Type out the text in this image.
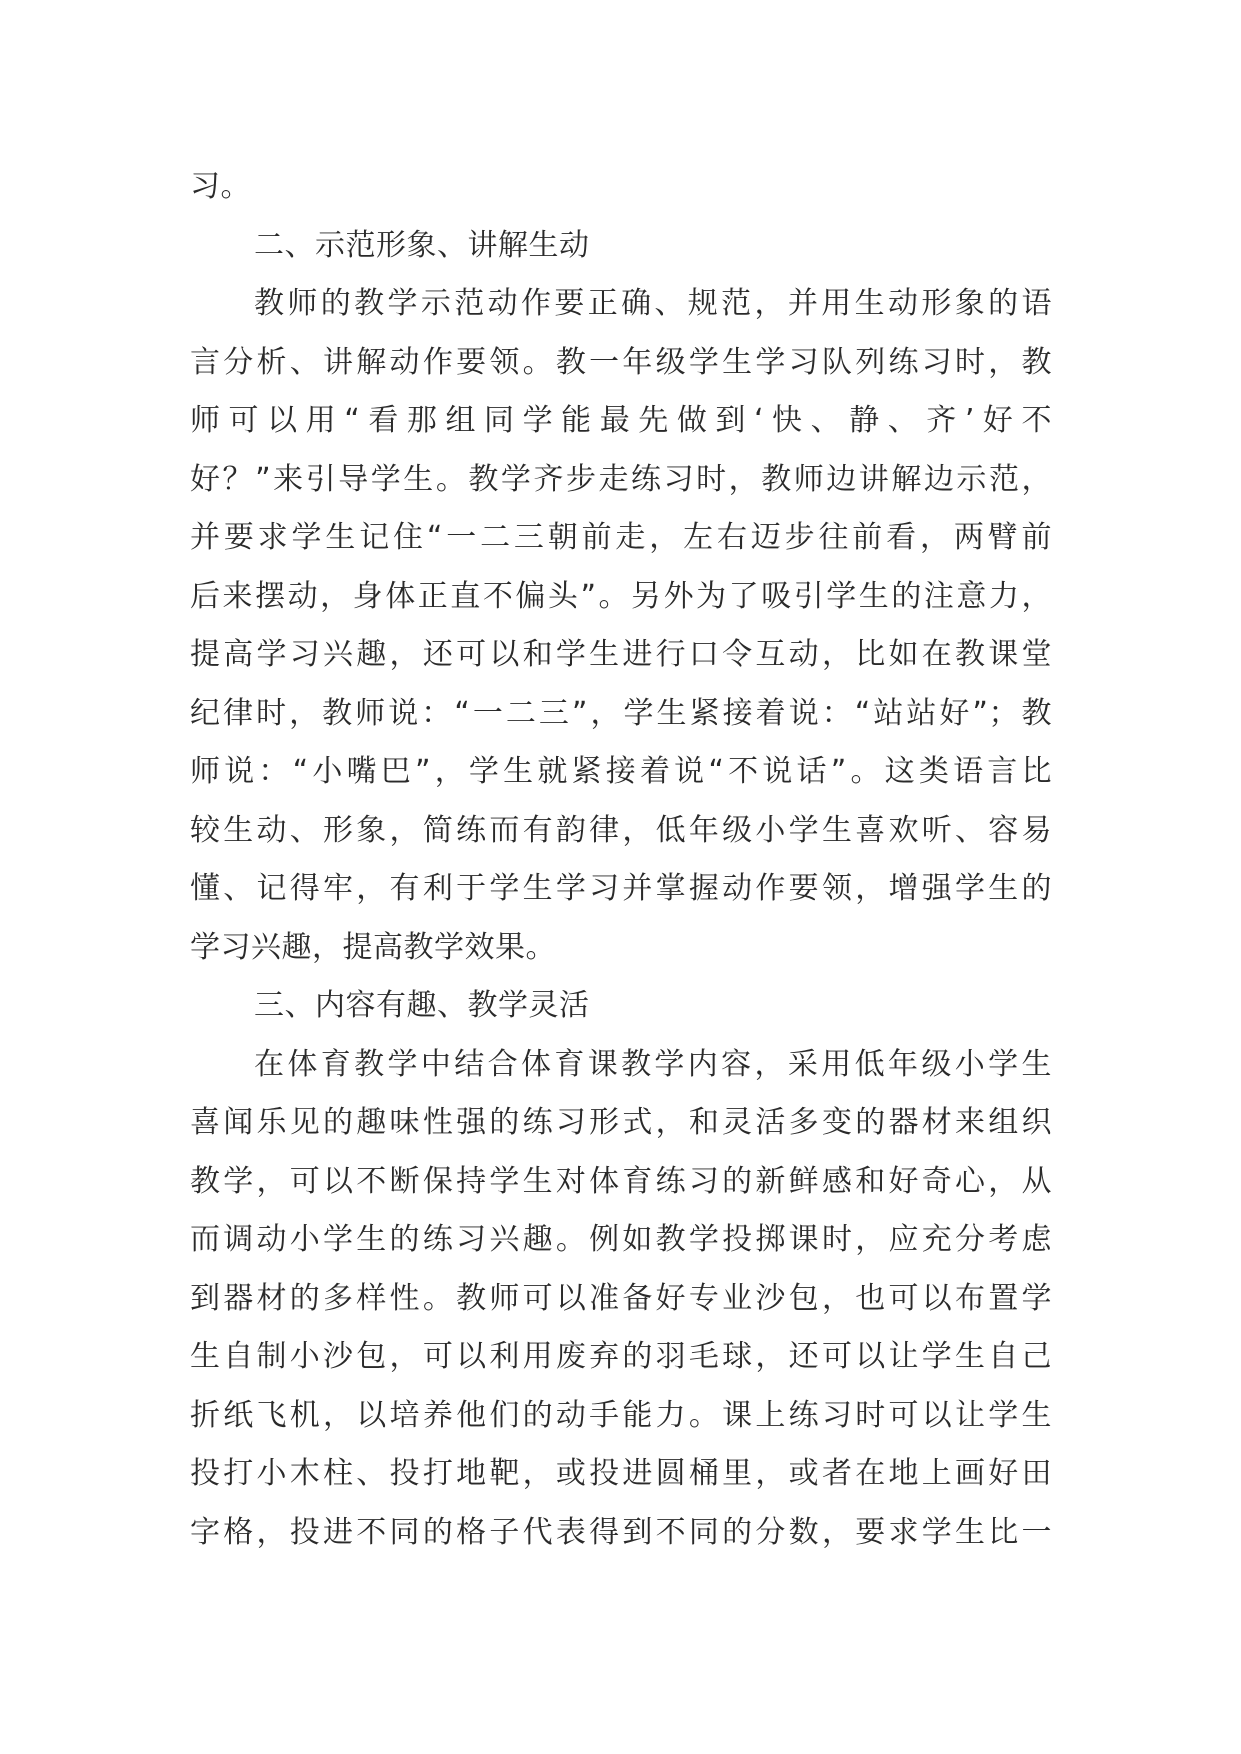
习。
二、示范形象、讲解生动
教师的教学示范动作要正确、规范，并用生动形象的语
言分析、讲解动作要领。教一年级学生学习队列练习时，教
师可以用“看那组同学能最先做到‘快、静、齐’好不
好？”来引导学生。教学齐步走练习时，教师边讲解边示范，
并要求学生记住“一二三朝前走，左右迈步往前看，两臂前
后来摆动，身体正直不偏头”。另外为了吸引学生的注意力，
提高学习兴趣，还可以和学生进行口令互动，比如在教课堂
纪律时，教师说：“一二三”，学生紧接着说：“站站好”；教
师说：“小嘴巴”，学生就紧接着说“不说话”。这类语言比
较生动、形象，简练而有韵律，低年级小学生喜欢听、容易
懂、记得牢，有利于学生学习并掌握动作要领，增强学生的
学习兴趣，提高教学效果。
三、内容有趣、教学灵活
在体育教学中结合体育课教学内容，采用低年级小学生
喜闻乐见的趣味性强的练习形式，和灵活多变的器材来组织
教学，可以不断保持学生对体育练习的新鲜感和好奇心，从
而调动小学生的练习兴趣。例如教学投掷课时，应充分考虑
到器材的多样性。教师可以准备好专业沙包，也可以布置学
生自制小沙包，可以利用废弃的羽毛球，还可以让学生自己
折纸飞机，以培养他们的动手能力。课上练习时可以让学生
投打小木柱、投打地靶，或投进圆桶里，或者在地上画好田
字格，投进不同的格子代表得到不同的分数，要求学生比一
